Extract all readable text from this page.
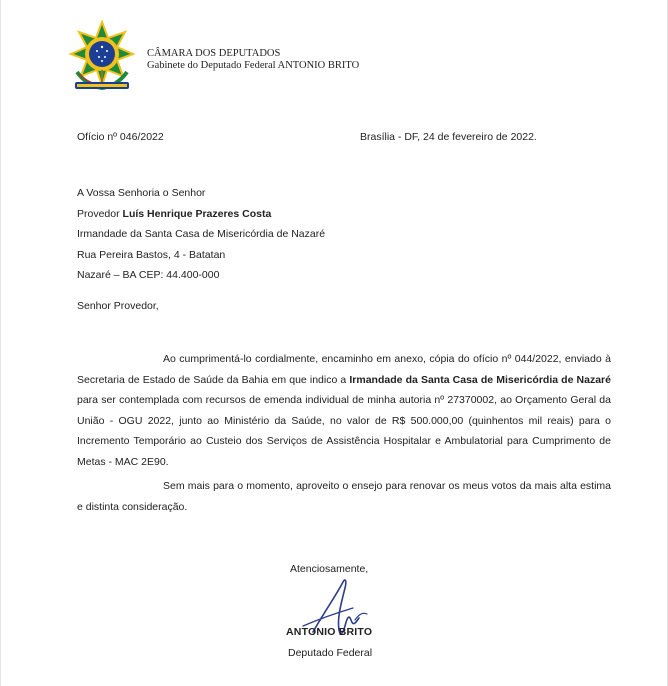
CÂMARA DOS DEPUTADOS
Gabinete do Deputado Federal ANTONIO BRITO
Ofício nº 046/2022	Brasília - DF, 24 de fevereiro de 2022.
A Vossa Senhoria o Senhor
Provedor Luís Henrique Prazeres Costa
Irmandade da Santa Casa de Misericórdia de Nazaré
Rua Pereira Bastos, 4 - Batatan
Nazaré – BA CEP: 44.400-000
Senhor Provedor,
Ao cumprimentá-lo cordialmente, encaminho em anexo, cópia do ofício nº 044/2022, enviado à Secretaria de Estado de Saúde da Bahia em que indico a Irmandade da Santa Casa de Misericórdia de Nazaré para ser contemplada com recursos de emenda individual de minha autoria nº 27370002, ao Orçamento Geral da União - OGU 2022, junto ao Ministério da Saúde, no valor de R$ 500.000,00 (quinhentos mil reais) para o Incremento Temporário ao Custeio dos Serviços de Assistência Hospitalar e Ambulatorial para Cumprimento de Metas - MAC 2E90.
Sem mais para o momento, aproveito o ensejo para renovar os meus votos da mais alta estima e distinta consideração.
Atenciosamente,
ANTONIO BRITO
Deputado Federal
